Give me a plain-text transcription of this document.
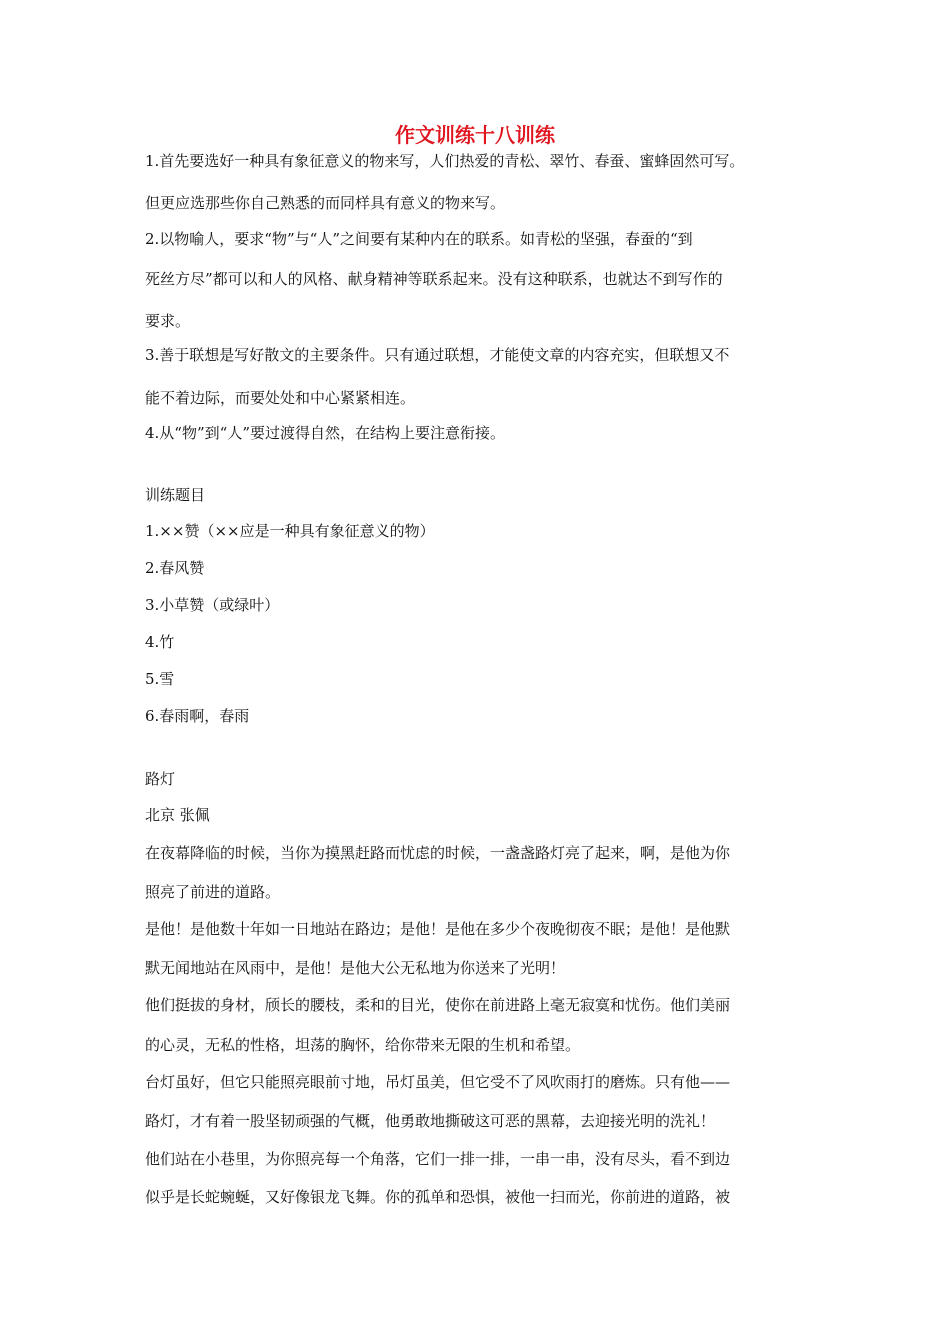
作文训练十八训练
1.首先要选好一种具有象征意义的物来写，人们热爱的青松、翠竹、春蚕、蜜蜂固然可写。
但更应选那些你自己熟悉的而同样具有意义的物来写。
2.以物喻人，要求“物”与“人”之间要有某种内在的联系。如青松的坚强，春蚕的“到
死丝方尽”都可以和人的风格、献身精神等联系起来。没有这种联系，也就达不到写作的
要求。
3.善于联想是写好散文的主要条件。只有通过联想，才能使文章的内容充实，但联想又不
能不着边际，而要处处和中心紧紧相连。
4.从“物”到“人”要过渡得自然，在结构上要注意衔接。
训练题目
1.××赞（××应是一种具有象征意义的物）
2.春风赞
3.小草赞（或绿叶）
4.竹
5.雪
6.春雨啊，春雨
路灯
北京 张佩
在夜幕降临的时候，当你为摸黑赶路而忧虑的时候，一盏盏路灯亮了起来，啊，是他为你
照亮了前进的道路。
是他！是他数十年如一日地站在路边；是他！是他在多少个夜晚彻夜不眠；是他！是他默
默无闻地站在风雨中，是他！是他大公无私地为你送来了光明！
他们挺拔的身材，颀长的腰枝，柔和的目光，使你在前进路上毫无寂寞和忧伤。他们美丽
的心灵，无私的性格，坦荡的胸怀，给你带来无限的生机和希望。
台灯虽好，但它只能照亮眼前寸地，吊灯虽美，但它受不了风吹雨打的磨炼。只有他——
路灯，才有着一股坚韧顽强的气概，他勇敢地撕破这可恶的黑幕，去迎接光明的洗礼！
他们站在小巷里，为你照亮每一个角落，它们一排一排，一串一串，没有尽头，看不到边
似乎是长蛇蜿蜒，又好像银龙飞舞。你的孤单和恐惧，被他一扫而光，你前进的道路，被
